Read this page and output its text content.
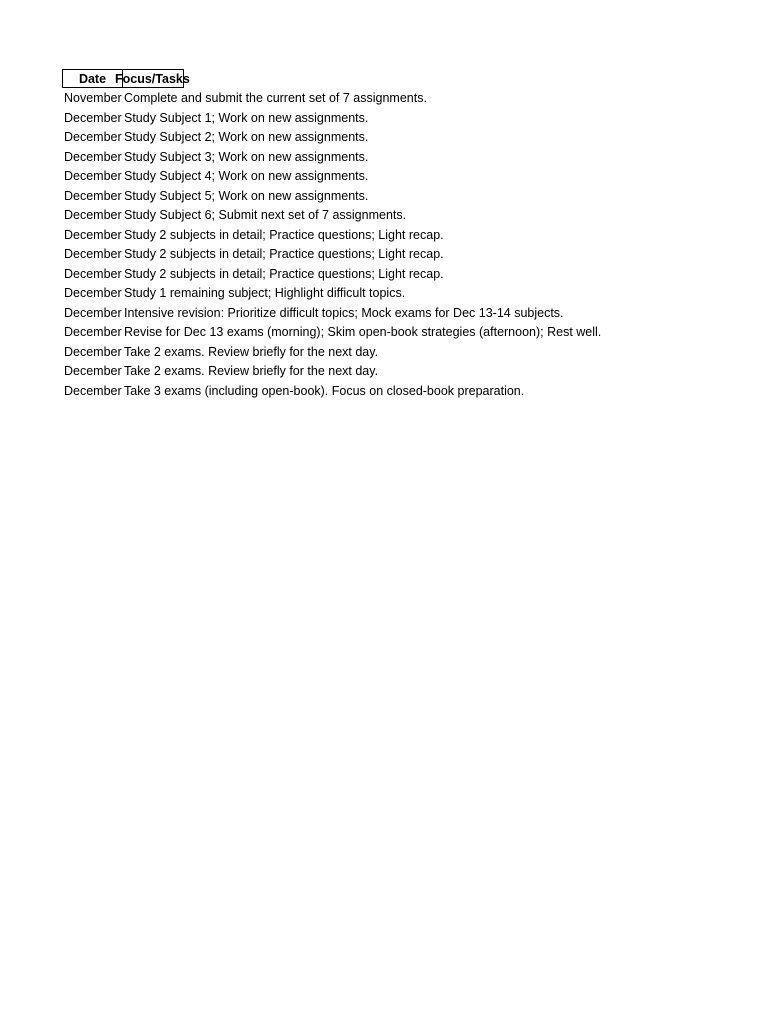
Date Focus/Tasks
November Complete and submit the current set of 7 assignments.
December Study Subject 1; Work on new assignments.
December Study Subject 2; Work on new assignments.
December Study Subject 3; Work on new assignments.
December Study Subject 4; Work on new assignments.
December Study Subject 5; Work on new assignments.
December Study Subject 6; Submit next set of 7 assignments.
December Study 2 subjects in detail; Practice questions; Light recap.
December Study 2 subjects in detail; Practice questions; Light recap.
December Study 2 subjects in detail; Practice questions; Light recap.
December Study 1 remaining subject; Highlight difficult topics.
December Intensive revision: Prioritize difficult topics; Mock exams for Dec 13-14 subjects.
December Revise for Dec 13 exams (morning); Skim open-book strategies (afternoon); Rest well.
December Take 2 exams. Review briefly for the next day.
December Take 2 exams. Review briefly for the next day.
December Take 3 exams (including open-book). Focus on closed-book preparation.
